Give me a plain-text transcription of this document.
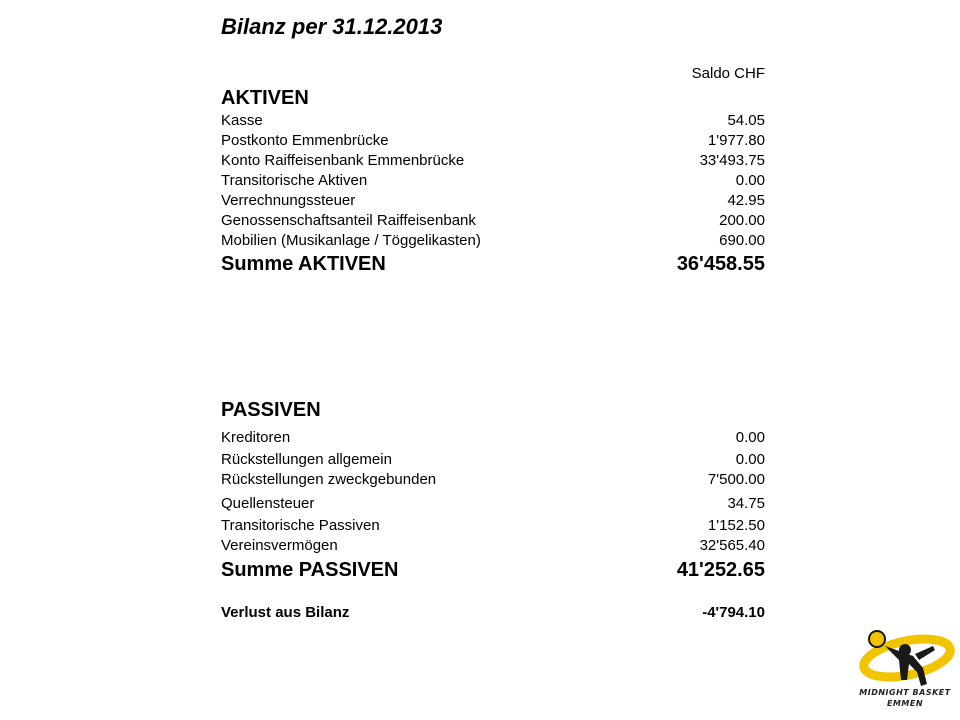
Bilanz per 31.12.2013
Saldo CHF
AKTIVEN
Kasse	54.05
Postkonto Emmenbrücke	1'977.80
Konto Raiffeisenbank Emmenbrücke	33'493.75
Transitorische Aktiven	0.00
Verrechnungssteuer	42.95
Genossenschaftsanteil Raiffeisenbank	200.00
Mobilien (Musikanlage / Töggelikasten)	690.00
Summe AKTIVEN	36'458.55
PASSIVEN
Kreditoren	0.00
Rückstellungen allgemein	0.00
Rückstellungen zweckgebunden	7'500.00
Quellensteuer	34.75
Transitorische Passiven	1'152.50
Vereinsvermögen	32'565.40
Summe PASSIVEN	41'252.65
Verlust aus Bilanz	-4'794.10
MIDNIGHT BASKET
EMMEN
